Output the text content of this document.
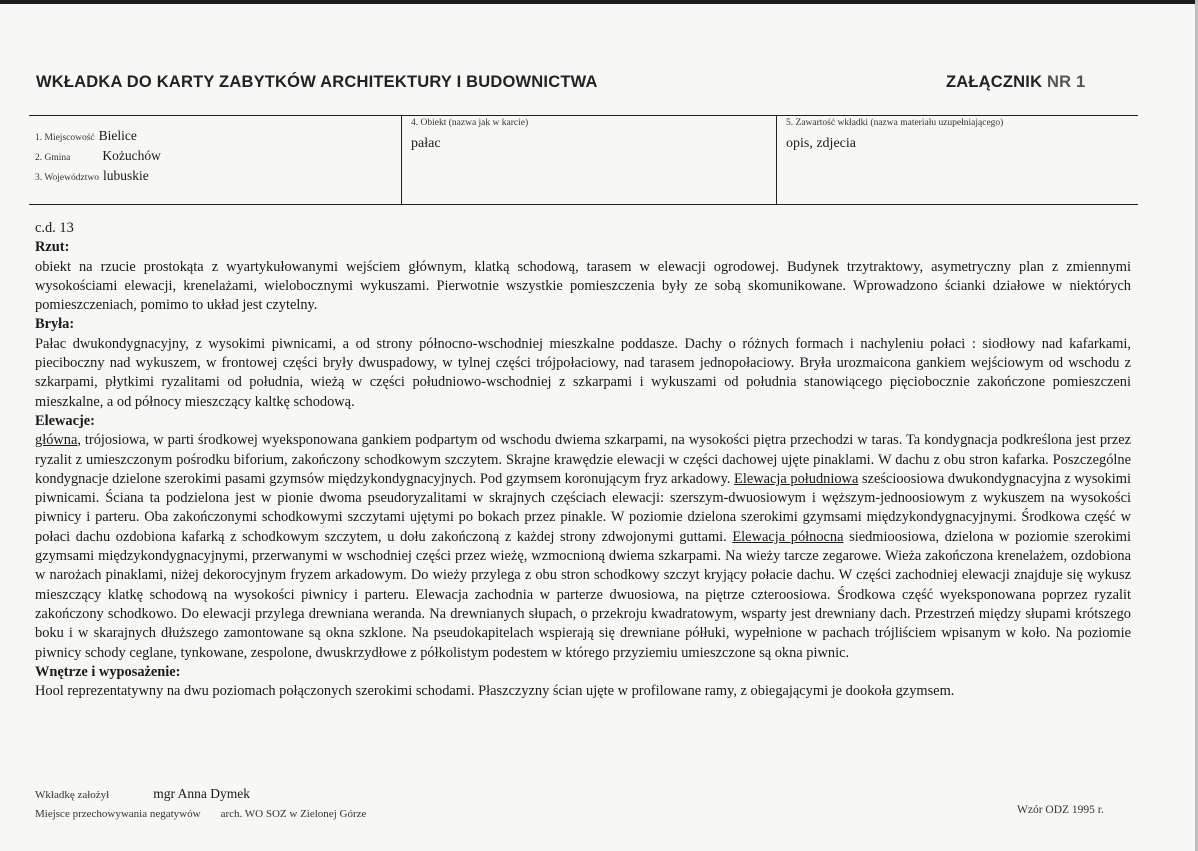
WKŁADKA DO KARTY ZABYTKÓW ARCHITEKTURY I BUDOWNICTWA	ZAŁĄCZNIK NR 1
1. Miejscowość Bielice
2. Gmina Kożuchów
3. Województwo lubuskie
4. Obiekt (nazwa jak w karcie)
pałac
5. Zawartość wkładki (nazwa materiału uzupełniającego)
opis, zdjecia

c.d. 13

Rzut:

obiekt na rzucie prostokąta z wyartykułowanymi wejściem głównym, klatką schodową, tarasem w elewacji ogrodowej. Budynek trzytraktowy, asymetryczny plan z zmiennymi wysokościami elewacji, krenelażami, wielobocznymi wykuszami. Pierwotnie wszystkie pomieszczenia były ze sobą skomunikowane. Wprowadzono ścianki działowe w niektórych pomieszczeniach, pomimo to układ jest czytelny.

Bryła:

Pałac dwukondygnacyjny, z wysokimi piwnicami, a od strony północno-wschodniej mieszkalne poddasze. Dachy o różnych formach i nachyleniu połaci : siodłowy nad kafarkami, pieciboczny nad wykuszem, w frontowej części bryły dwuspadowy, w tylnej części trójpołaciowy, nad tarasem jednopołaciowy. Bryła urozmaicona gankiem wejściowym od wschodu z szkarpami, płytkimi ryzalitami od południa, wieżą w części południowo-wschodniej z szkarpami i wykuszami od południa stanowiącego pięciobocznie zakończone pomieszczeni mieszkalne, a od północy mieszczący kaltkę schodową.

Elewacje:

główna, trójosiowa, w parti środkowej wyeksponowana gankiem podpartym od wschodu dwiema szkarpami, na wysokości piętra przechodzi w taras. Ta kondygnacja podkreślona jest przez ryzalit z umieszczonym pośrodku biforium, zakończony schodkowym szczytem. Skrajne krawędzie elewacji w części dachowej ujęte pinaklami. W dachu z obu stron kafarka. Poszczególne kondygnacje dzielone szerokimi pasami gzymsów międzykondygnacyjnych. Pod gzymsem koronującym fryz arkadowy. Elewacja południowa sześcioosiowa dwukondygnacyjna z wysokimi piwnicami. Ściana ta podzielona jest w pionie dwoma pseudoryzalitami w skrajnych częściach elewacji: szerszym-dwuosiowym i węższym-jednoosiowym z wykuszem na wysokości piwnicy i parteru. Oba zakończonymi schodkowymi szczytami ujętymi po bokach przez pinakle. W poziomie dzielona szerokimi gzymsami międzykondygnacyjnymi. Środkowa część w połaci dachu ozdobiona kafarką z schodkowym szczytem, u dołu zakończoną z każdej strony zdwojonymi guttami. Elewacja północna siedmioosiowa, dzielona w poziomie szerokimi gzymsami międzykondygnacyjnymi, przerwanymi w wschodniej części przez wieżę, wzmocnioną dwiema szkarpami. Na wieży tarcze zegarowe. Wieża zakończona krenelażem, ozdobiona w narożach pinaklami, niżej dekorocyjnym fryzem arkadowym. Do wieży przylega z obu stron schodkowy szczyt kryjący połacie dachu. W części zachodniej elewacji znajduje się wykusz mieszczący klatkę schodową na wysokości piwnicy i parteru. Elewacja zachodnia w parterze dwuosiowa, na piętrze czteroosiowa. Środkowa część wyeksponowana poprzez ryzalit zakończony schodkowo. Do elewacji przylega drewniana weranda. Na drewnianych słupach, o przekroju kwadratowym, wsparty jest drewniany dach. Przestrzeń między słupami krótszego boku i w skarajnych dłuższego zamontowane są okna szklone. Na pseudokapitelach wspierają się drewniane półłuki, wypełnione w pachach trójliściem wpisanym w koło. Na poziomie piwnicy schody ceglane, tynkowane, zespolone, dwuskrzydłowe z półkolistym podestem w którego przyziemiu umieszczone są okna piwnic.

Wnętrze i wyposażenie:

Hool reprezentatywny na dwu poziomach połączonych szerokimi schodami. Płaszczyzny ścian ujęte w profilowane ramy, z obiegającymi je dookoła gzymsem.

Wkładkę założył	mgr Anna Dymek
Miejsce przechowywania negatywów arch. WO SOZ w Zielonej Górze	Wzór ODZ 1995 r.
